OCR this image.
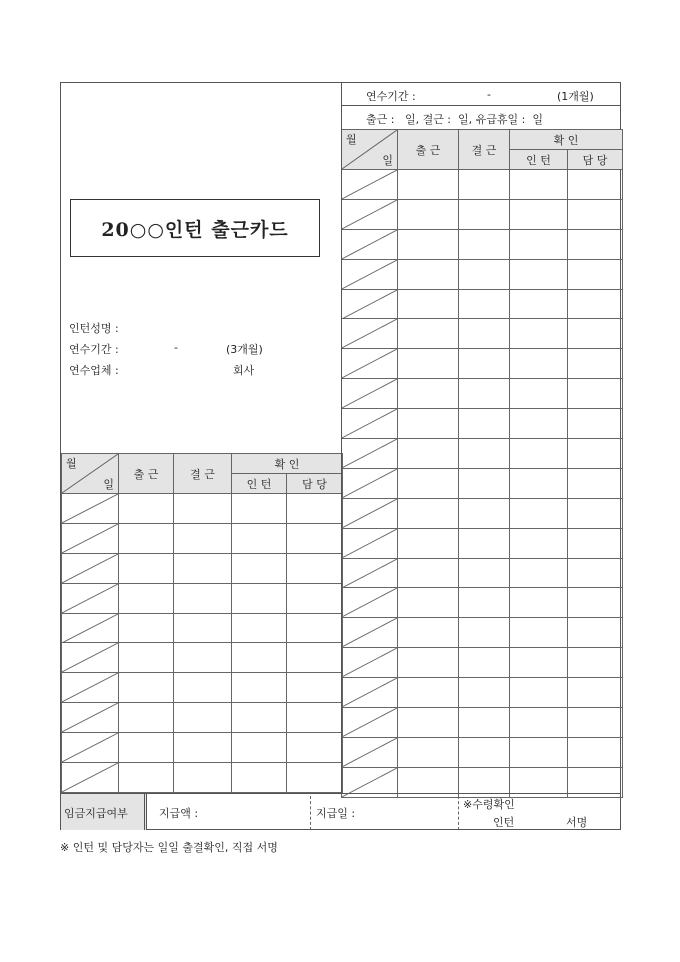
20○○인턴 출근카드
인턴성명 :
연수기간 :	-	(3개월)
연수업체 :	회사
연수기간 :	-	(1개월)
출근 :   일, 결근 :  일, 유급휴일 :  일
월
일	출 근	결 근	확 인	
			인 턴	담 당

월
일	출 근	결 근	확 인	
			인 턴	담 당

임금지급여부	지급액 :	지급일 :
※수령확인
인턴	서명
※ 인턴 및 담당자는 일일 출결확인, 직접 서명
